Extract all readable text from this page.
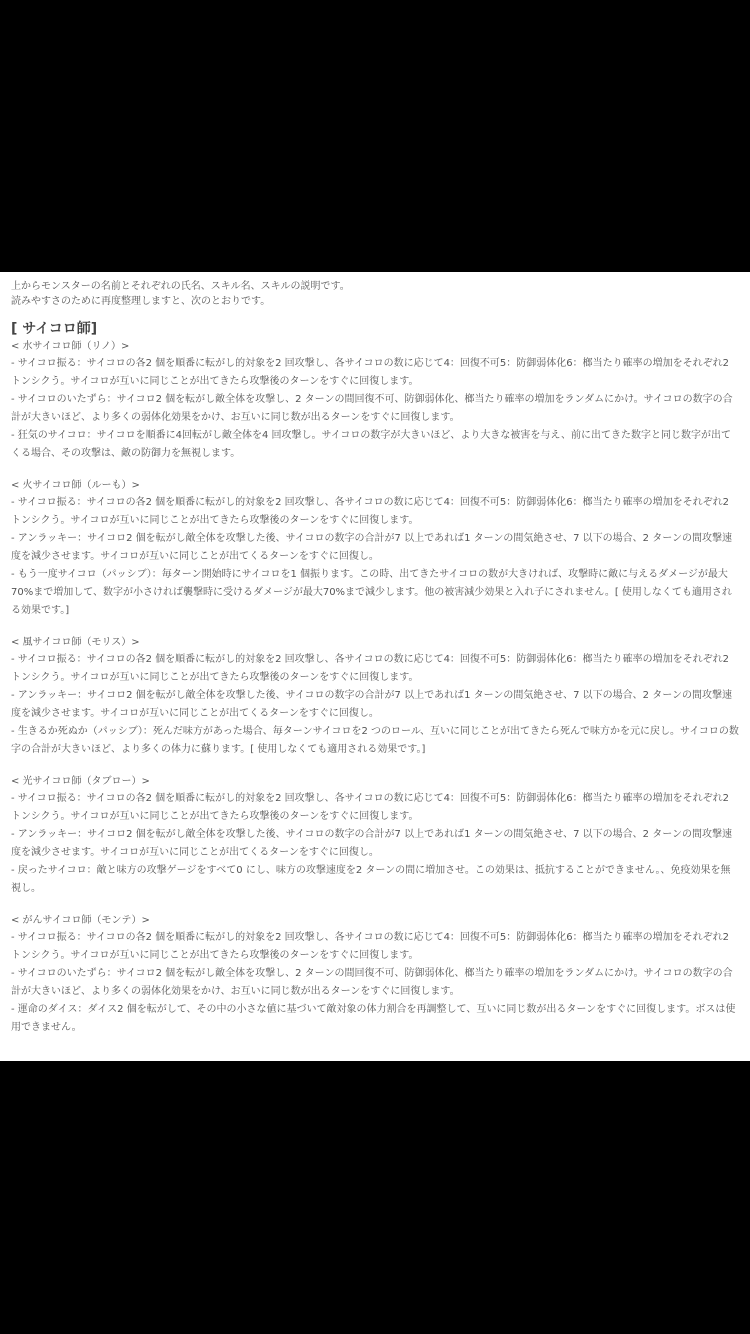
上からモンスターの名前とそれぞれの氏名、スキル名、スキルの説明です。
読みやすさのために再度整理しますと、次のとおりです。
[ サイコロ師]
< 水サイコロ師（リノ）>

- サイコロ振る：サイコロの各2 個を順番に転がし的対象を2 回攻撃し、各サイコロの数に応じて4：回復不可5：防御弱体化6：榔当たり確率の増加をそれぞれ2 トンシクう。サイコロが互いに同じことが出てきたら攻撃後のターンをすぐに回復します。

- サイコロのいたずら：サイコロ2 個を転がし敵全体を攻撃し、2 ターンの間回復不可、防御弱体化、榔当たり確率の増加をランダムにかけ。サイコロの数字の合計が大きいほど、より多くの弱体化効果をかけ、お互いに同じ数が出るターンをすぐに回復します。

- 狂気のサイコロ：サイコロを順番に4回転がし敵全体を4 回攻撃し。サイコロの数字が大きいほど、より大きな被害を与え、前に出てきた数字と同じ数字が出てくる場合、その攻撃は、敵の防御力を無視します。

< 火サイコロ師（ルーも）>

- サイコロ振る：サイコロの各2 個を順番に転がし的対象を2 回攻撃し、各サイコロの数に応じて4：回復不可5：防御弱体化6：榔当たり確率の増加をそれぞれ2 トンシクう。サイコロが互いに同じことが出てきたら攻撃後のターンをすぐに回復します。

- アンラッキー：サイコロ2 個を転がし敵全体を攻撃した後、サイコロの数字の合計が7 以上であれば1 ターンの間気絶させ、7 以下の場合、2 ターンの間攻撃速度を減少させます。サイコロが互いに同じことが出てくるターンをすぐに回復し。

- もう一度サイコロ（パッシブ）：毎ターン開始時にサイコロを1 個振ります。この時、出てきたサイコロの数が大きければ、攻撃時に敵に与えるダメージが最大70%まで増加して、数字が小さければ襲撃時に受けるダメージが最大70%まで減少します。他の被害減少効果と入れ子にされません。[ 使用しなくても適用される効果です。]

< 風サイコロ師（モリス）>

- サイコロ振る：サイコロの各2 個を順番に転がし的対象を2 回攻撃し、各サイコロの数に応じて4：回復不可5：防御弱体化6：榔当たり確率の増加をそれぞれ2 トンシクう。サイコロが互いに同じことが出てきたら攻撃後のターンをすぐに回復します。

- アンラッキー：サイコロ2 個を転がし敵全体を攻撃した後、サイコロの数字の合計が7 以上であれば1 ターンの間気絶させ、7 以下の場合、2 ターンの間攻撃速度を減少させます。サイコロが互いに同じことが出てくるターンをすぐに回復し。

- 生きるか死ぬか（パッシブ）：死んだ味方があった場合、毎ターンサイコロを2 つのロール、互いに同じことが出てきたら死んで味方かを元に戻し。サイコロの数字の合計が大きいほど、より多くの体力に蘇ります。[ 使用しなくても適用される効果です。]

< 光サイコロ師（タブロー）>

- サイコロ振る：サイコロの各2 個を順番に転がし的対象を2 回攻撃し、各サイコロの数に応じて4：回復不可5：防御弱体化6：榔当たり確率の増加をそれぞれ2 トンシクう。サイコロが互いに同じことが出てきたら攻撃後のターンをすぐに回復します。

- アンラッキー：サイコロ2 個を転がし敵全体を攻撃した後、サイコロの数字の合計が7 以上であれば1 ターンの間気絶させ、7 以下の場合、2 ターンの間攻撃速度を減少させます。サイコロが互いに同じことが出てくるターンをすぐに回復し。

- 戻ったサイコロ：敵と味方の攻撃ゲージをすべて0 にし、味方の攻撃速度を2 ターンの間に増加させ。この効果は、抵抗することができません。、免疫効果を無視し。

< がんサイコロ師（モンテ）>

- サイコロ振る：サイコロの各2 個を順番に転がし的対象を2 回攻撃し、各サイコロの数に応じて4：回復不可5：防御弱体化6：榔当たり確率の増加をそれぞれ2 トンシクう。サイコロが互いに同じことが出てきたら攻撃後のターンをすぐに回復します。

- サイコロのいたずら：サイコロ2 個を転がし敵全体を攻撃し、2 ターンの間回復不可、防御弱体化、榔当たり確率の増加をランダムにかけ。サイコロの数字の合計が大きいほど、より多くの弱体化効果をかけ、お互いに同じ数が出るターンをすぐに回復します。

- 運命のダイス：ダイス2 個を転がして、その中の小さな値に基づいて敵対象の体力割合を再調整して、互いに同じ数が出るターンをすぐに回復します。ボスは使用できません。
